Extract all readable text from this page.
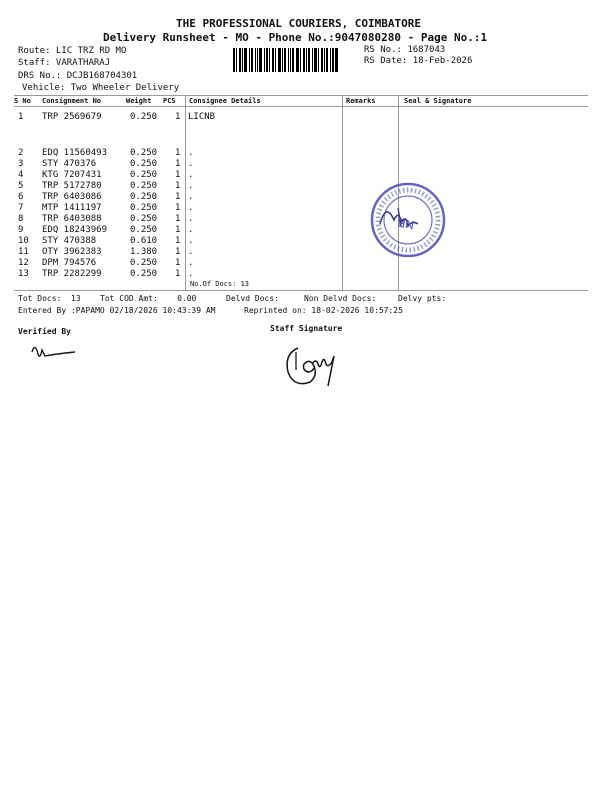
THE PROFESSIONAL COURIERS, COIMBATORE
Delivery Runsheet - MO - Phone No.:9047080280 - Page No.:1
Route: LIC TRZ RD MO
Staff: VARATHARAJ
DRS No.: DCJB168704301
Vehicle: Two Wheeler Delivery
RS No.: 1687043
RS Date: 18-Feb-2026
S No Consignment No	Weight PCS Consignee Details	Remarks	Seal & Signature
1 TRP 2569679	0.250 1 LICNB
2 EDQ 11560493	0.250 1 .
3 STY 470376	0.250 1 .
4 KTG 7207431	0.250 1 .
5 TRP 5172780	0.250 1 .
6 TRP 6403086	0.250 1 .
7 MTP 1411197	0.250 1 .
8 TRP 6403088	0.250 1 .
9 EDQ 18243969	0.250 1 .
10 STY 470388	0.610 1 .
11 OTY 3962383	1.380 1 .
12 DPM 794576	0.250 1 .
13 TRP 2282299	0.250 1 .
No.Of Docs: 13
NB
Tot Docs:  13 Tot COD Amt:    0.00	Delvd Docs:	Non Delvd Docs:	Delvy pts:
Entered By :PAPAMO 02/18/2026 10:43:39 AM	Reprinted on: 18-02-2026 10:57:25
Verified By	Staff Signature
